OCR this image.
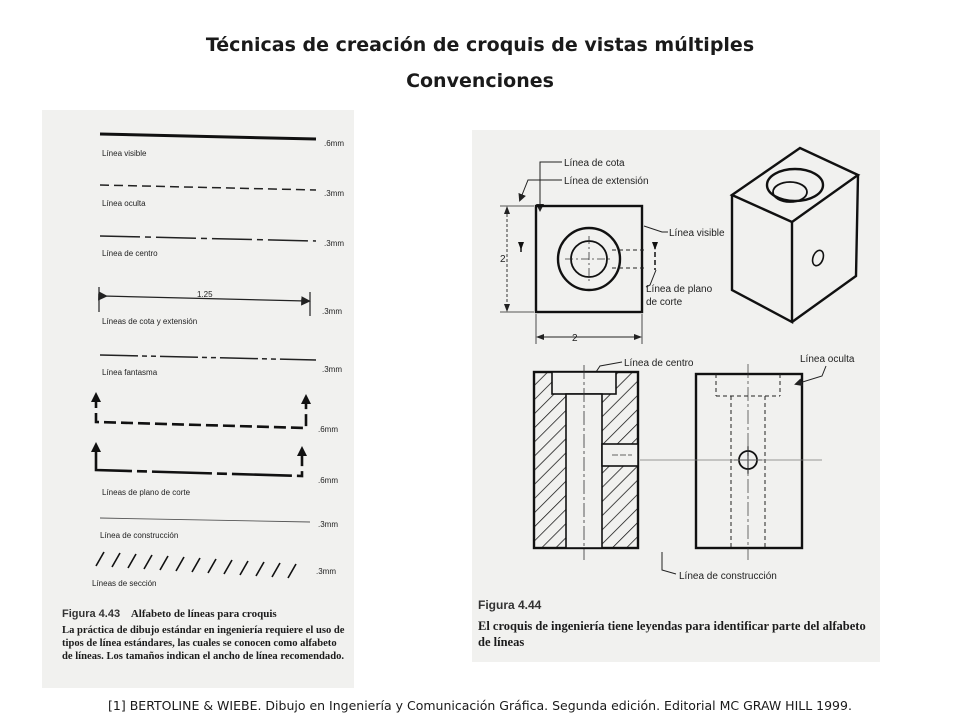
Técnicas de creación de croquis de vistas múltiples
Convenciones
.6mm
Línea visible
.3mm
Línea oculta
.3mm
Línea de centro
1.25
.3mm
Líneas de cota y extensión
.3mm
Línea fantasma
.6mm
.6mm
Líneas de plano de corte
.3mm
Línea de construcción
.3mm
Líneas de sección
Figura 4.43 Alfabeto de líneas para croquis
La práctica de dibujo estándar en ingeniería requiere el uso de tipos de línea estándares, las cuales se conocen como alfabeto de líneas. Los tamaños indican el ancho de línea recomendado.
Línea de cota
Línea de extensión
2
2
Línea visible
Línea de plano
de corte
Línea de centro	Línea oculta
Línea de construcción
Figura 4.44
El croquis de ingeniería tiene leyendas para identificar parte del alfabeto de líneas

[1] BERTOLINE & WIEBE. Dibujo en Ingeniería y Comunicación Gráfica. Segunda edición. Editorial MC GRAW HILL 1999.
